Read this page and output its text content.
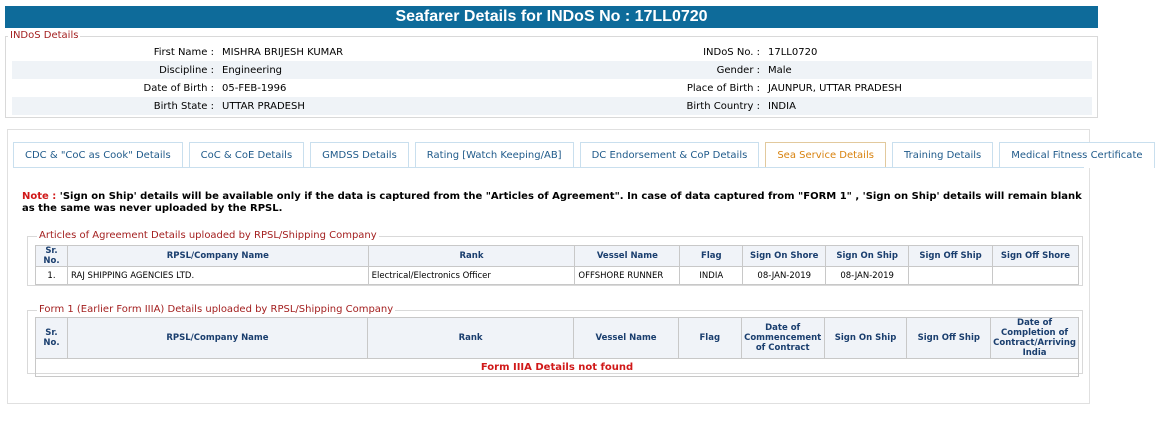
Seafarer Details for INDoS No : 17LL0720
INDoS Details
First Name :	MISHRA BRIJESH KUMAR	INDoS No. :	17LL0720
Discipline :	Engineering	Gender :	Male
Date of Birth :	05-FEB-1996	Place of Birth :	JAUNPUR, UTTAR PRADESH
Birth State :	UTTAR PRADESH	Birth Country :	INDIA
CDC & "CoC as Cook" Details	CoC & CoE Details	GMDSS Details	Rating [Watch Keeping/AB]	DC Endorsement & CoP Details	Sea Service Details	Training Details	Medical Fitness Certificate
Note : 'Sign on Ship' details will be available only if the data is captured from the "Articles of Agreement". In case of data captured from "FORM 1" , 'Sign on Ship' details will remain blank as the same was never uploaded by the RPSL.
Articles of Agreement Details uploaded by RPSL/Shipping Company
Sr. No.	RPSL/Company Name	Rank	Vessel Name	Flag	Sign On Shore	Sign On Ship	Sign Off Ship	Sign Off Shore
1.	RAJ SHIPPING AGENCIES LTD.	Electrical/Electronics Officer	OFFSHORE RUNNER	INDIA	08-JAN-2019	08-JAN-2019		
Form 1 (Earlier Form IIIA) Details uploaded by RPSL/Shipping Company
Sr. No.	RPSL/Company Name	Rank	Vessel Name	Flag	Date of Commencement of Contract	Sign On Ship	Sign Off Ship	Date of Completion of Contract/Arriving India
Form IIIA Details not found
